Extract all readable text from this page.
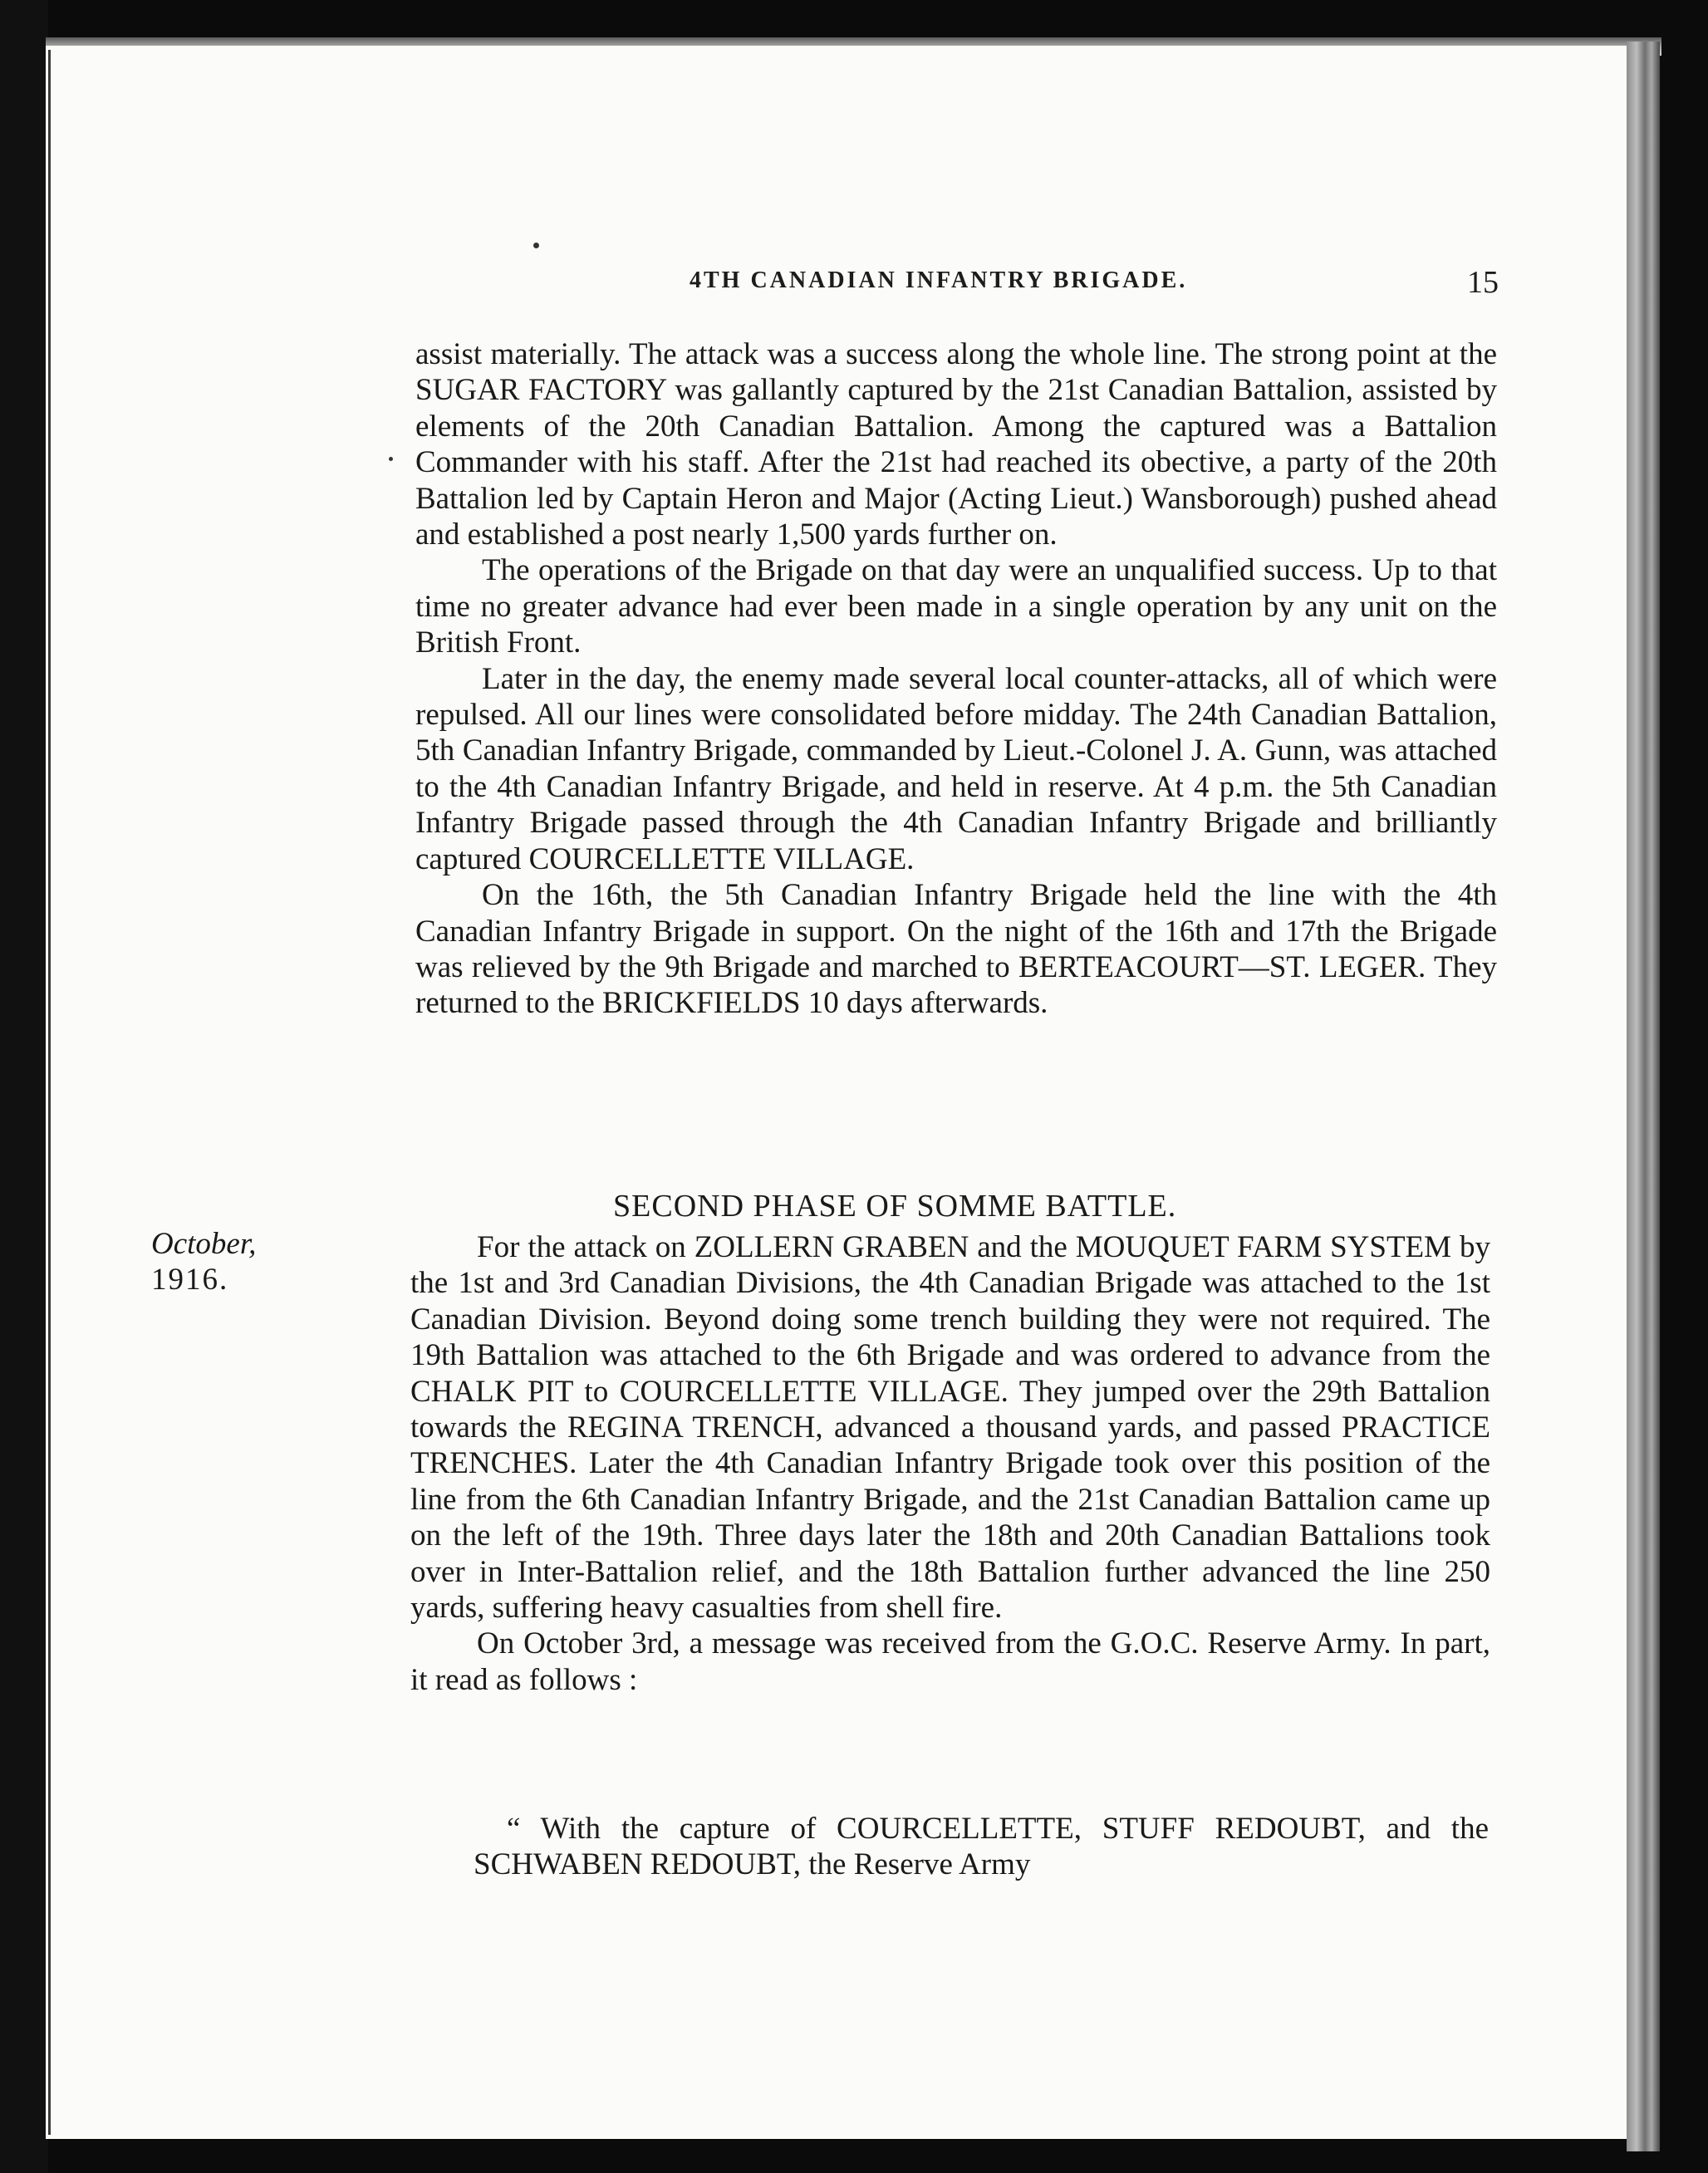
4TH CANADIAN INFANTRY BRIGADE.	15

assist materially. The attack was a success along the whole line. The strong point at the SUGAR FACTORY was gallantly captured by the 21st Canadian Battalion, assisted by elements of the 20th Canadian Battalion. Among the captured was a Battalion Commander with his staff. After the 21st had reached its obective, a party of the 20th Battalion led by Captain Heron and Major (Acting Lieut.) Wansborough) pushed ahead and established a post nearly 1,500 yards further on.

The operations of the Brigade on that day were an unqualified success. Up to that time no greater advance had ever been made in a single operation by any unit on the British Front.

Later in the day, the enemy made several local counter-attacks, all of which were repulsed. All our lines were consolidated before midday. The 24th Canadian Battalion, 5th Canadian Infantry Brigade, commanded by Lieut.-Colonel J. A. Gunn, was attached to the 4th Canadian Infantry Brigade, and held in reserve. At 4 p.m. the 5th Canadian Infantry Brigade passed through the 4th Canadian Infantry Brigade and brilliantly captured COURCELLETTE VILLAGE.

On the 16th, the 5th Canadian Infantry Brigade held the line with the 4th Canadian Infantry Brigade in support. On the night of the 16th and 17th the Brigade was relieved by the 9th Brigade and marched to BERTEACOURT—ST. LEGER. They returned to the BRICKFIELDS 10 days afterwards.

SECOND PHASE OF SOMME BATTLE.
October,
1916.

For the attack on ZOLLERN GRABEN and the MOUQUET FARM SYSTEM by the 1st and 3rd Canadian Divisions, the 4th Canadian Brigade was attached to the 1st Canadian Division. Beyond doing some trench building they were not required. The 19th Battalion was attached to the 6th Brigade and was ordered to advance from the CHALK PIT to COURCELLETTE VILLAGE. They jumped over the 29th Battalion towards the REGINA TRENCH, advanced a thousand yards, and passed PRACTICE TRENCHES. Later the 4th Canadian Infantry Brigade took over this position of the line from the 6th Canadian Infantry Brigade, and the 21st Canadian Battalion came up on the left of the 19th. Three days later the 18th and 20th Canadian Battalions took over in Inter-Battalion relief, and the 18th Battalion further advanced the line 250 yards, suffering heavy casualties from shell fire.

On October 3rd, a message was received from the G.O.C. Reserve Army. In part, it read as follows :

“ With the capture of COURCELLETTE, STUFF REDOUBT, and the SCHWABEN REDOUBT, the Reserve Army
